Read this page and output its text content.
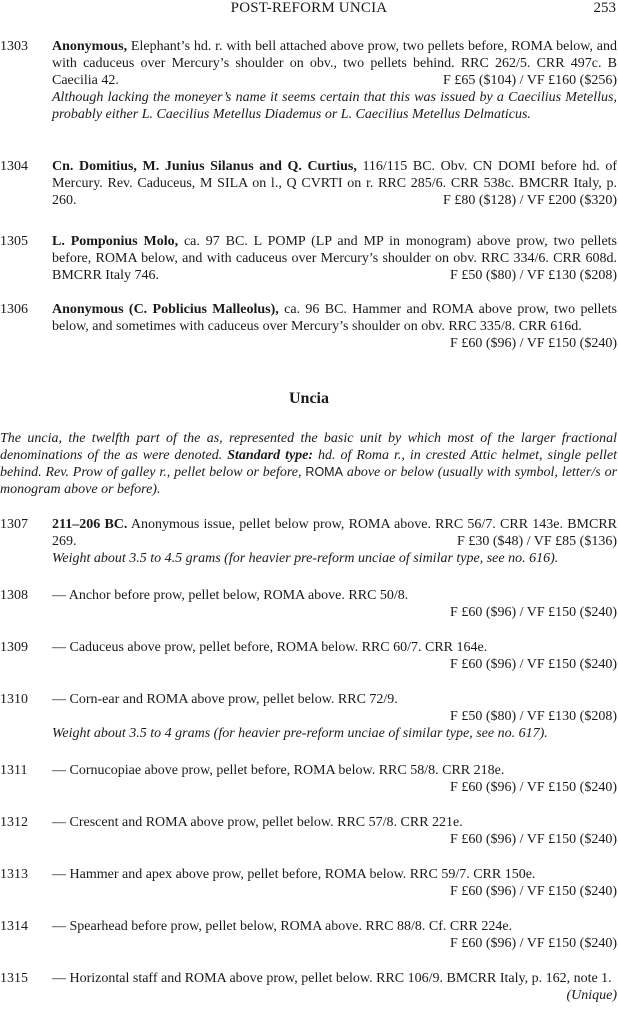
POST-REFORM UNCIA	253
1303 Anonymous, Elephant’s hd. r. with bell attached above prow, two pellets before, ROMA below, and with caduceus over Mercury’s shoulder on obv., two pellets behind. RRC 262/5. CRR 497c. B Caecilia 42.	F £65 ($104) / VF £160 ($256)
Although lacking the moneyer’s name it seems certain that this was issued by a Caecilius Metellus, probably either L. Caecilius Metellus Diademus or L. Caecilius Metellus Delmaticus.
1304 Cn. Domitius, M. Junius Silanus and Q. Curtius, 116/115 BC. Obv. CN DOMI before hd. of Mercury. Rev. Caduceus, M SILA on l., Q CVRTI on r. RRC 285/6. CRR 538c. BMCRR Italy, p. 260.	F £80 ($128) / VF £200 ($320)
1305 L. Pomponius Molo, ca. 97 BC. L POMP (LP and MP in monogram) above prow, two pellets before, ROMA below, and with caduceus over Mercury’s shoulder on obv. RRC 334/6. CRR 608d. BMCRR Italy 746.	F £50 ($80) / VF £130 ($208)
1306 Anonymous (C. Poblicius Malleolus), ca. 96 BC. Hammer and ROMA above prow, two pellets below, and sometimes with caduceus over Mercury’s shoulder on obv. RRC 335/8. CRR 616d.
F £60 ($96) / VF £150 ($240)
Uncia
The uncia, the twelfth part of the as, represented the basic unit by which most of the larger fractional denominations of the as were denoted. Standard type: hd. of Roma r., in crested Attic helmet, single pellet behind. Rev. Prow of galley r., pellet below or before, ROMA above or below (usually with symbol, letter/s or monogram above or before).
1307 211–206 BC. Anonymous issue, pellet below prow, ROMA above. RRC 56/7. CRR 143e. BMCRR 269.	F £30 ($48) / VF £85 ($136)
Weight about 3.5 to 4.5 grams (for heavier pre-reform unciae of similar type, see no. 616).
1308 — Anchor before prow, pellet below, ROMA above. RRC 50/8.
F £60 ($96) / VF £150 ($240)
1309 — Caduceus above prow, pellet before, ROMA below. RRC 60/7. CRR 164e.
F £60 ($96) / VF £150 ($240)
1310 — Corn-ear and ROMA above prow, pellet below. RRC 72/9.
F £50 ($80) / VF £130 ($208)
Weight about 3.5 to 4 grams (for heavier pre-reform unciae of similar type, see no. 617).
1311 — Cornucopiae above prow, pellet before, ROMA below. RRC 58/8. CRR 218e.
F £60 ($96) / VF £150 ($240)
1312 — Crescent and ROMA above prow, pellet below. RRC 57/8. CRR 221e.
F £60 ($96) / VF £150 ($240)
1313 — Hammer and apex above prow, pellet before, ROMA below. RRC 59/7. CRR 150e.
F £60 ($96) / VF £150 ($240)
1314 — Spearhead before prow, pellet below, ROMA above. RRC 88/8. Cf. CRR 224e.
F £60 ($96) / VF £150 ($240)
1315 — Horizontal staff and ROMA above prow, pellet below. RRC 106/9. BMCRR Italy, p. 162, note 1.
(Unique)
